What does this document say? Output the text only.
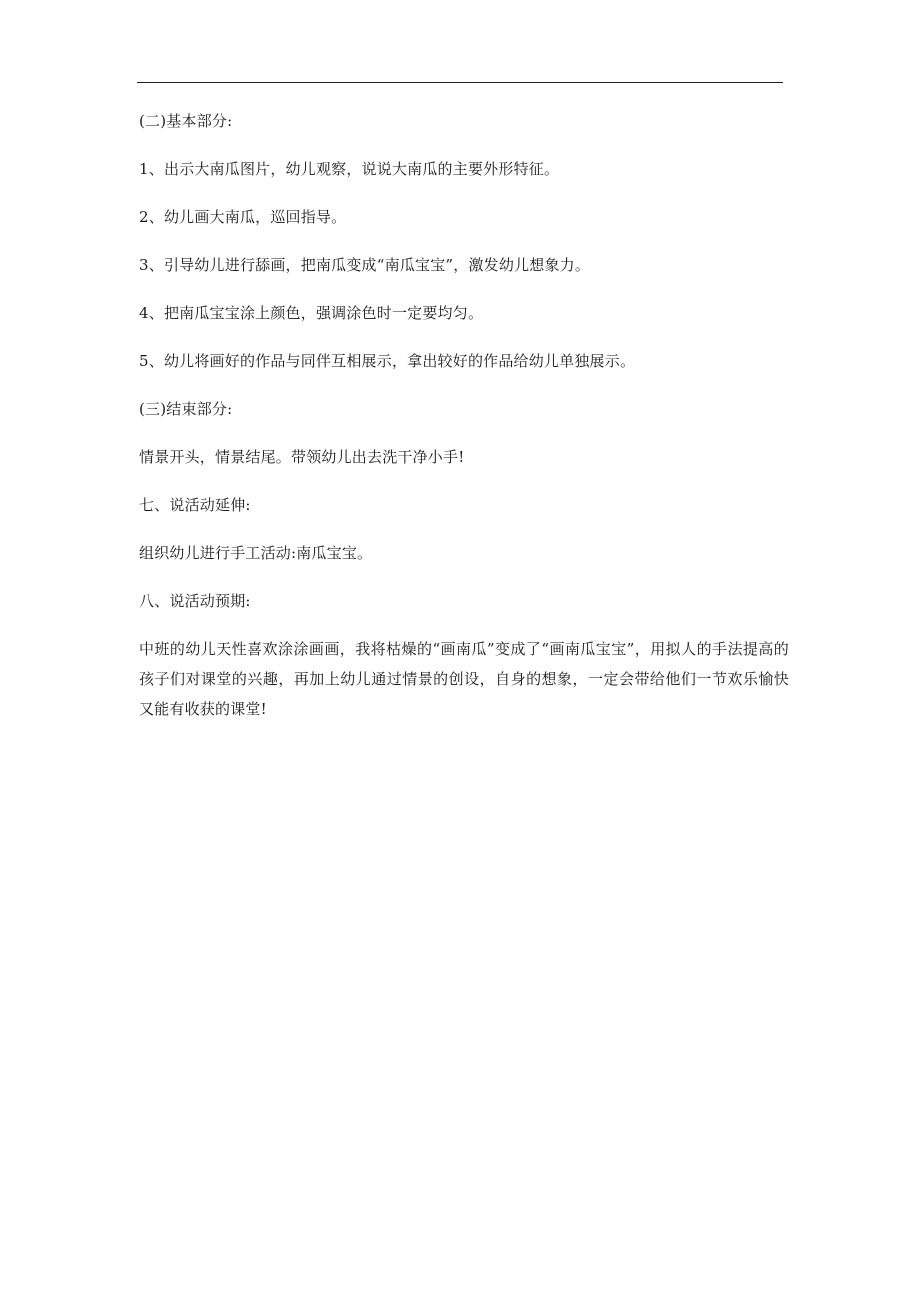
(二)基本部分:

1、出示大南瓜图片，幼儿观察，说说大南瓜的主要外形特征。

2、幼儿画大南瓜，巡回指导。

3、引导幼儿进行舔画，把南瓜变成“南瓜宝宝”，激发幼儿想象力。

4、把南瓜宝宝涂上颜色，强调涂色时一定要均匀。

5、幼儿将画好的作品与同伴互相展示，拿出较好的作品给幼儿单独展示。

(三)结束部分:

情景开头，情景结尾。带领幼儿出去洗干净小手!

七、说活动延伸:

组织幼儿进行手工活动:南瓜宝宝。

八、说活动预期:

中班的幼儿天性喜欢涂涂画画，我将枯燥的“画南瓜”变成了“画南瓜宝宝”，用拟人的手法提高的孩子们对课堂的兴趣，再加上幼儿通过情景的创设，自身的想象，一定会带给他们一节欢乐愉快又能有收获的课堂!
